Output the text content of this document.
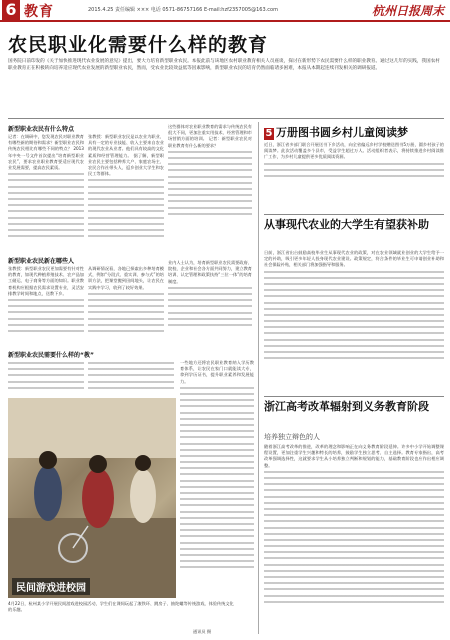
6 教育	2015.4.25 责任编辑 ××× 电话 0571-86757166 E-mail:hzf2357005@163.com	杭州日报周末
农民职业化需要什么样的教育
国务院日前印发的《关于加快推进现代农业发展的意见》提出，要大力培育新型职业农民。本报此前与该地区农村职业教育相关人员座谈，探讨在新形势下农民需要什么样的职业教育。通过这几年的实践，我国农村职业教育正在积极转向培养适应现代农业发展的新型职业农民，然而，受农业比较效益低等因素影响，新型职业农民的培育仍然面临诸多困难，本报从本期起连续刊发相关的调研报道。
新型职业农民有什么特点
新型职业农民新在哪些人
新型职业农民需要什么样的“教”
记者：在调研中，您发现农民对职业教育有哪些新的期待和需求？新型职业农民和传统农民相比有哪些不同的特点？ 2013年中央一号文件首次提出“培育新型职业农民”，要求农业职业教育要适应现代农业发展需要，提高农民素质。
张教授：新型职业农民是以农业为职业、具有一定的专业技能、收入主要来自农业的现代农业从业者。他们具有较高的文化素质和经营管理能力。 据了解，新型职业农民主要包括种养大户、家庭农场主、农民合作社带头人、返乡创业大学生和农民工等群体。
这些群体对农业职业教育的需求与传统农民有很大不同，更加注重实用技术、经营管理和市场营销方面的培训。 记者：新型职业农民对职业教育有什么新的要求？
张教授：新型职业农民更加需要有针对性的教育，如现代种植养殖技术、农产品加工储运、电子商务等方面的知识。职业教育机构应根据农民需求设置专业，灵活安排教学时间和地点，送教下乡。
从调研情况看，各地已探索出多种培育模式，例如“分段式、重实训、参与式”的培训方法，把课堂搬到田间地头，让农民在实践中学习，收到了较好效果。
业内人士认为，培育新型职业农民需要政府、院校、企业和社会各方面共同努力，建立教育培训、认定管理和政策扶持“三位一体”的培育制度。
一些地方还将农民职业教育纳入学历教育体系，让农民在家门口就能读大专，拿到学历证书，提升职业素养和发展能力。
5 万册图书圆乡村儿童阅读梦
近日，浙江省多部门联合开展送书下乡活动，向全省偏远乡村学校赠送图书5万册，圆乡村孩子的阅读梦。此次活动覆盖多个县市，受益学生超过万人。活动组织者表示，将持续推进乡村阅读推广工作，为乡村儿童提供更多优质阅读资源。
从事现代农业的大学生有望获补助
日前，浙江省出台鼓励高校毕业生从事现代农业的政策，对在农业领域就业创业的大学生给予一定的补助，吸引更多年轻人投身现代农业建设。政策规定，符合条件的毕业生可申请创业补助和社会保险补贴，相关部门将加强指导和服务。
浙江高考改革辐射到义务教育阶段
培养独立辩色的人
随着浙江高考改革的推进，改革的理念和影响正在向义务教育阶段延伸。许多中小学开始调整课程设置，更加注重学生兴趣和特长的培养，鼓励学生独立思考、自主选择。教育专家指出，高考改革强调选择性，这就要求学生从小培养独立判断和规划的能力，基础教育阶段也应作出相应调整。
民间游戏进校园
4月22日，杭州某小学开展民间游戏进校园活动，学生们在课间玩起了滚铁环、跳房子、抽陀螺等传统游戏，体验传统文化的乐趣。
通讯员 摄
